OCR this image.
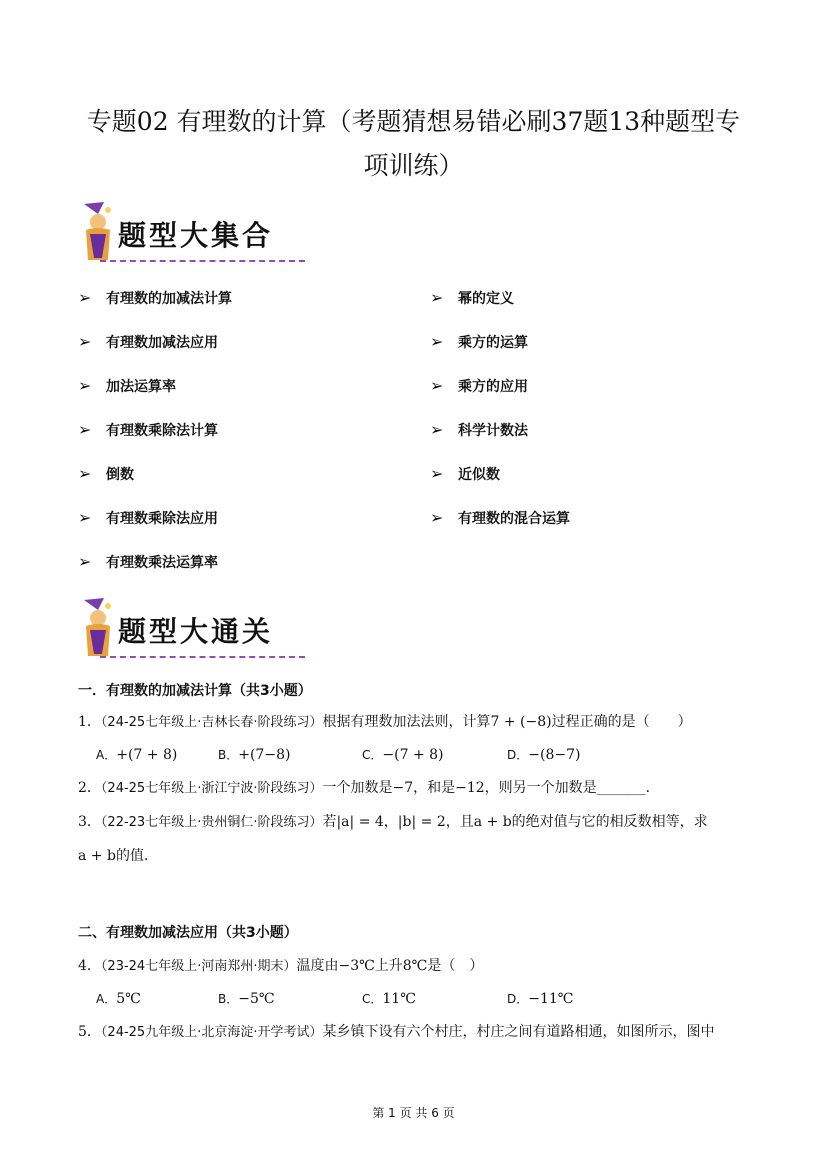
专题02 有理数的计算（考题猜想易错必刷37题13种题型专
项训练）
题型大集合
➢ 有理数的加减法计算
➢ 有理数加减法应用
➢ 加法运算率
➢ 有理数乘除法计算
➢ 倒数
➢ 有理数乘除法应用
➢ 有理数乘法运算率
➢ 幂的定义
➢ 乘方的运算
➢ 乘方的应用
➢ 科学计数法
➢ 近似数
➢ 有理数的混合运算
题型大通关
一．有理数的加减法计算（共3小题）
1．（24-25七年级上·吉林长春·阶段练习）根据有理数加法法则，计算7 + (−8)过程正确的是（　　）
A．+(7 + 8)	B．+(7−8)	C．−(7 + 8)	D．−(8−7)
2．（24-25七年级上·浙江宁波·阶段练习）一个加数是−7，和是−12，则另一个加数是_______．
3．（22-23七年级上·贵州铜仁·阶段练习）若|a| = 4，|b| = 2，且a + b的绝对值与它的相反数相等，求
a + b的值．
二、有理数加减法应用（共3小题）
4．（23-24七年级上·河南郑州·期末）温度由−3℃上升8℃是（　）
A．5℃	B．−5℃	C．11℃	D．−11℃
5．（24-25九年级上·北京海淀·开学考试）某乡镇下设有六个村庄，村庄之间有道路相通，如图所示，图中
第 1 页 共 6 页
